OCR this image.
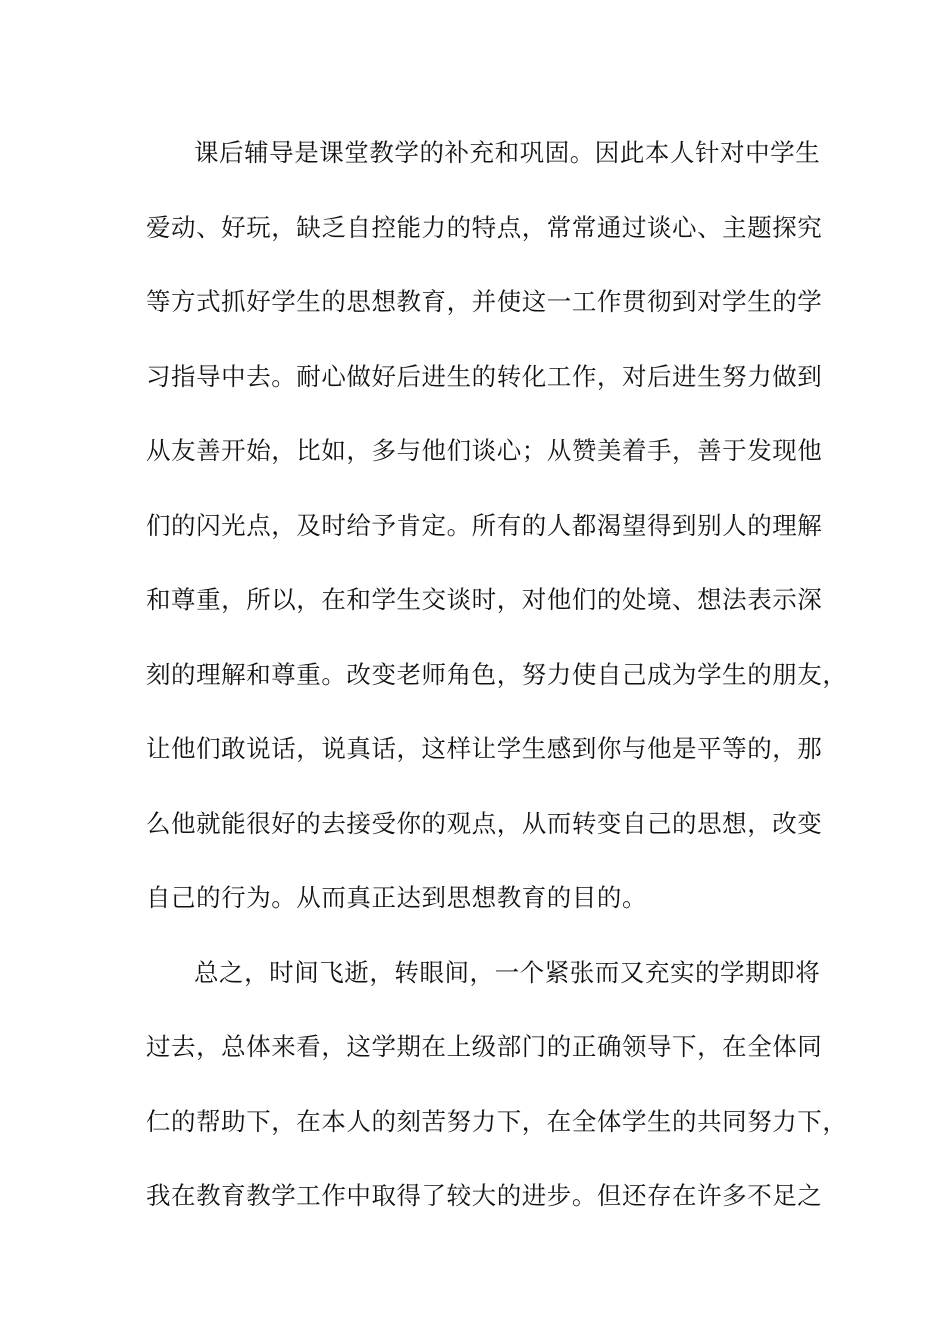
课后辅导是课堂教学的补充和巩固。因此本人针对中学生
爱动、好玩，缺乏自控能力的特点，常常通过谈心、主题探究
等方式抓好学生的思想教育，并使这一工作贯彻到对学生的学
习指导中去。耐心做好后进生的转化工作，对后进生努力做到
从友善开始，比如，多与他们谈心；从赞美着手，善于发现他
们的闪光点，及时给予肯定。所有的人都渴望得到别人的理解
和尊重，所以，在和学生交谈时，对他们的处境、想法表示深
刻的理解和尊重。改变老师角色，努力使自己成为学生的朋友，
让他们敢说话，说真话，这样让学生感到你与他是平等的，那
么他就能很好的去接受你的观点，从而转变自己的思想，改变
自己的行为。从而真正达到思想教育的目的。
总之，时间飞逝，转眼间，一个紧张而又充实的学期即将
过去，总体来看，这学期在上级部门的正确领导下，在全体同
仁的帮助下，在本人的刻苦努力下，在全体学生的共同努力下，
我在教育教学工作中取得了较大的进步。但还存在许多不足之
